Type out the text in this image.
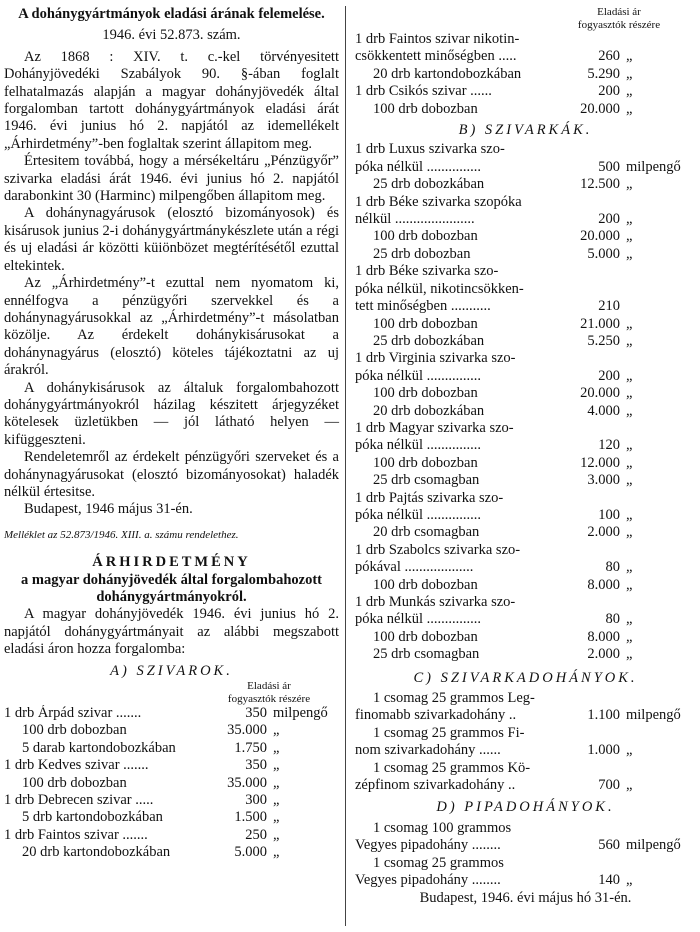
A dohánygyártmányok eladási árának felemelése.
1946. évi 52.873. szám.
Az 1868 : XIV. t. c.-kel törvényesitett Dohányjövedéki Szabályok 90. §-ában foglalt felhatalmazás alapján a magyar dohányjövedék által forgalomban tartott dohánygyártmányok eladási árát 1946. évi junius hó 2. napjától az idemellékelt „Árhirdetmény”-ben foglaltak szerint állapitom meg.
Értesitem továbbá, hogy a mérsékeltáru „Pénzügyőr” szivarka eladási árát 1946. évi junius hó 2. napjától darabonkint 30 (Harminc) milpengőben állapitom meg.
A dohánynagyárusok (elosztó bizományosok) és kisárusok junius 2-i dohánygyártmánykészlete után a régi és uj eladási ár közötti küiönbözet megtérítésétől ezuttal eltekintek.
Az „Árhirdetmény”-t ezuttal nem nyomatom ki, ennélfogva a pénzügyőri szervekkel és a dohánynagyárusokkal az „Árhirdetmény”-t másolatban közölje. Az érdekelt dohánykisárusokat a dohánynagyárus (elosztó) köteles tájékoztatni az uj árakról.
A dohánykisárusok az általuk forgalombahozott dohánygyártmányokról házilag készitett árjegyzéket kötelesek üzletükben — jól látható helyen — kifüggeszteni.
Rendeletemről az érdekelt pénzügyőri szerveket és a dohánynagyárusokat (elosztó bizományosokat) haladék nélkül értesitse.
Budapest, 1946 május 31-én.
Melléklet az 52.873/1946. XIII. a. számu rendelethez.
ÁRHIRDETMÉNY
a magyar dohányjövedék által forgalombahozott dohánygyártmányokról.
A magyar dohányjövedék 1946. évi junius hó 2. napjától dohánygyártmányait az alábbi megszabott eladási áron hozza forgalomba:
A) SZIVAROK.
Eladási ár
fogyasztók részére
1 drb Árpád szivar .......	350 milpengő
100 drb dobozban	35.000 „
5 darab kartondobozkában	1.750 „
1 drb Kedves szivar .......	350 „
100 drb dobozban	35.000 „
1 drb Debrecen szivar .....	300 „
5 drb kartondobozkában	1.500 „
1 drb Faintos szivar .......	250 „
20 drb kartondobozkában	5.000 „
Eladási ár
fogyasztók részére
1 drb Faintos szivar nikotin-
csökkentett minőségben .....	260 „
20 drb kartondobozkában	5.290 „
1 drb Csikós szivar ......	200 „
100 drb dobozban	20.000 „
B) SZIVARKÁK.
1 drb Luxus szivarka szo-
póka nélkül ...............	500 milpengő
25 drb dobozkában	12.500 „
1 drb Béke szivarka szopóka
nélkül ......................	200 „
100 drb dobozban	20.000 „
25 drb dobozban	5.000 „
1 drb Béke szivarka szo-
póka nélkül, nikotincsökken-
tett minőségben ...........	210
100 drb dobozban	21.000 „
25 drb dobozkában	5.250 „
1 drb Virginia szivarka szo-
póka nélkül ...............	200 „
100 drb dobozban	20.000 „
20 drb dobozkában	4.000 „
1 drb Magyar szivarka szo-
póka nélkül ...............	120 „
100 drb dobozban	12.000 „
25 drb csomagban	3.000 „
1 drb Pajtás szivarka szo-
póka nélkül ...............	100 „
20 drb csomagban	2.000 „
1 drb Szabolcs szivarka szo-
pókával ...................	80 „
100 drb dobozban	8.000 „
1 drb Munkás szivarka szo-
póka nélkül ...............	80 „
100 drb dobozban	8.000 „
25 drb csomagban	2.000 „
C) SZIVARKADOHÁNYOK.
1 csomag 25 grammos Leg-
finomabb szivarkadohány ..	1.100 milpengő
1 csomag 25 grammos Fi-
nom szivarkadohány ......	1.000 „
1 csomag 25 grammos Kö-
zépfinom szivarkadohány ..	700 „
D) PIPADOHÁNYOK.
1 csomag 100 grammos
Vegyes pipadohány ........	560 milpengő
1 csomag 25 grammos
Vegyes pipadohány ........	140 „
Budapest, 1946. évi május hó 31-én.
